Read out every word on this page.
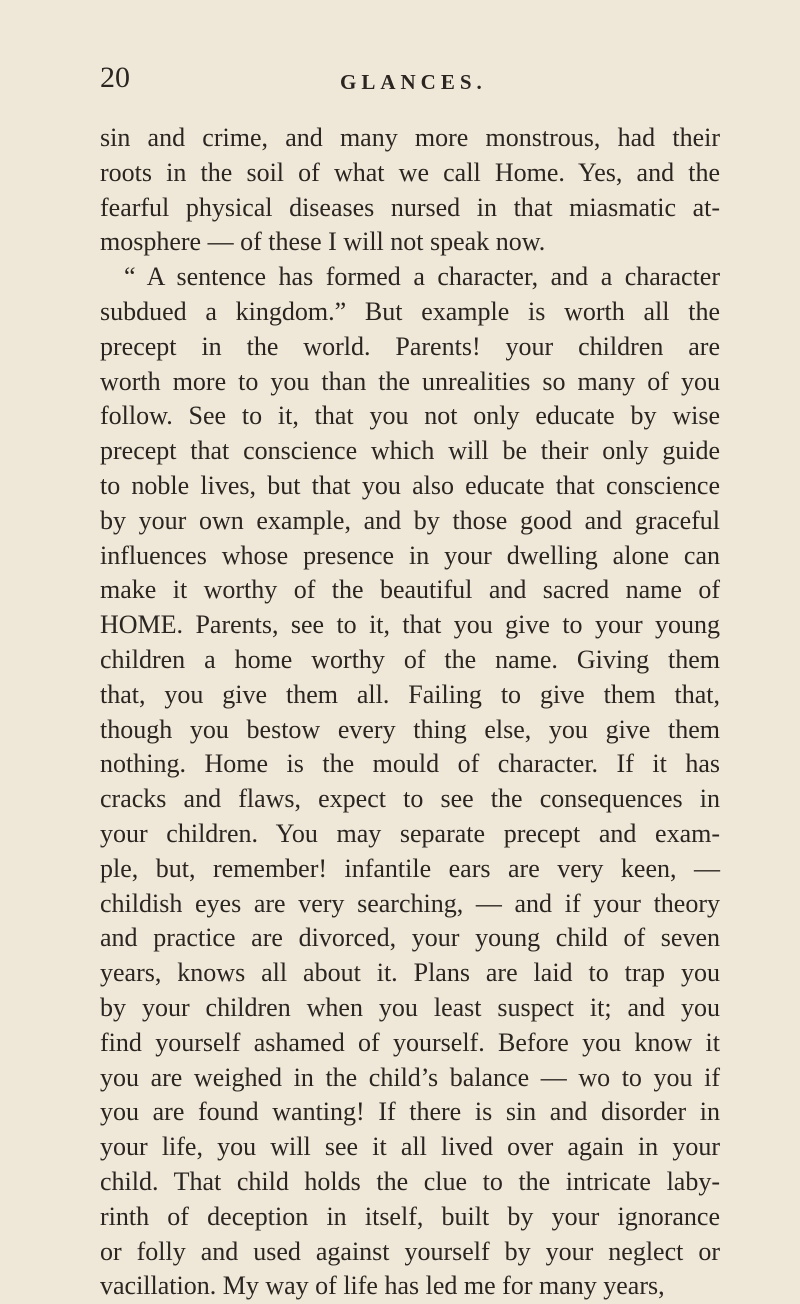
20	GLANCES.
sin and crime, and many more monstrous, had their
roots in the soil of what we call Home. Yes, and the
fearful physical diseases nursed in that miasmatic at-
mosphere — of these I will not speak now.
“ A sentence has formed a character, and a character
subdued a kingdom.” But example is worth all the
precept in the world. Parents! your children are
worth more to you than the unrealities so many of you
follow. See to it, that you not only educate by wise
precept that conscience which will be their only guide
to noble lives, but that you also educate that conscience
by your own example, and by those good and graceful
influences whose presence in your dwelling alone can
make it worthy of the beautiful and sacred name of
HOME. Parents, see to it, that you give to your young
children a home worthy of the name. Giving them
that, you give them all. Failing to give them that,
though you bestow every thing else, you give them
nothing. Home is the mould of character. If it has
cracks and flaws, expect to see the consequences in
your children. You may separate precept and exam-
ple, but, remember! infantile ears are very keen, —
childish eyes are very searching, — and if your theory
and practice are divorced, your young child of seven
years, knows all about it. Plans are laid to trap you
by your children when you least suspect it; and you
find yourself ashamed of yourself. Before you know it
you are weighed in the child’s balance — wo to you if
you are found wanting! If there is sin and disorder in
your life, you will see it all lived over again in your
child. That child holds the clue to the intricate laby-
rinth of deception in itself, built by your ignorance
or folly and used against yourself by your neglect or
vacillation. My way of life has led me for many years,
